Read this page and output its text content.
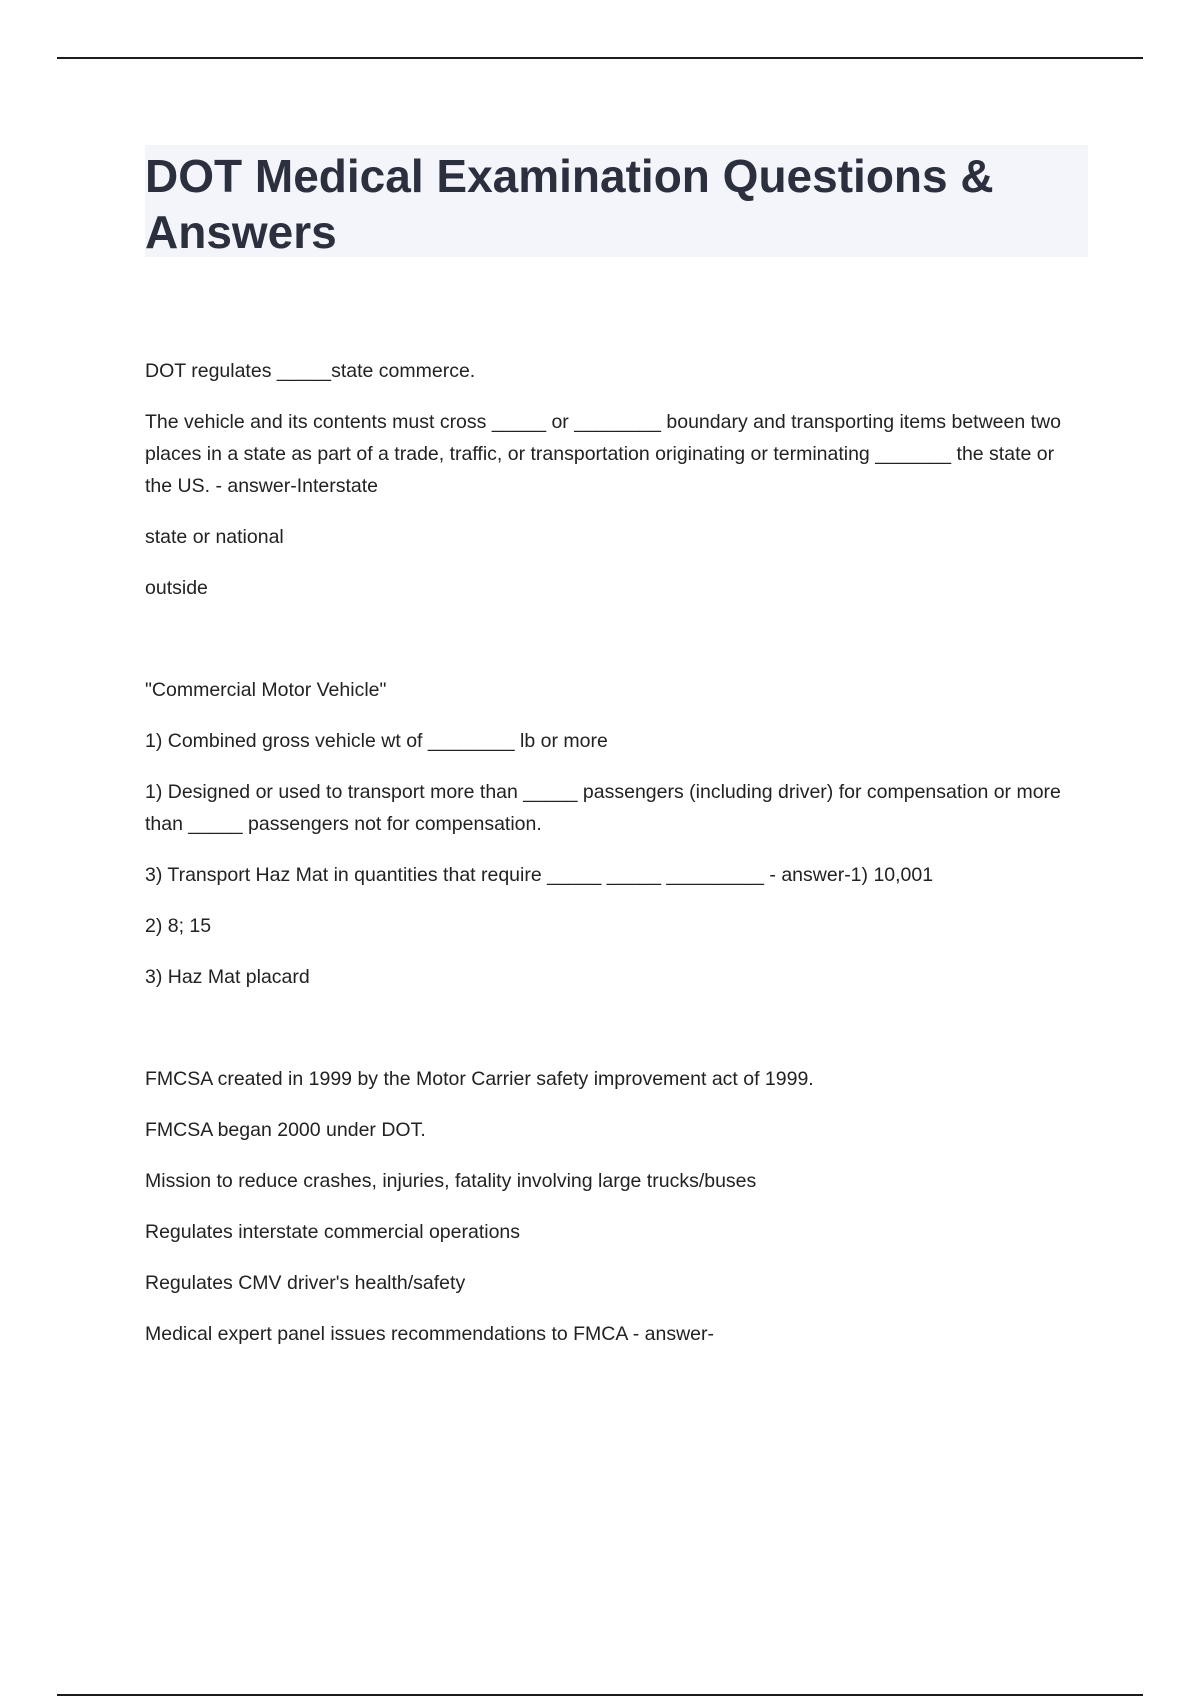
DOT Medical Examination Questions & Answers

DOT regulates _____state commerce.

The vehicle and its contents must cross _____ or ________ boundary and transporting items between two places in a state as part of a trade, traffic, or transportation originating or terminating _______ the state or the US. - answer-Interstate

state or national

outside

"Commercial Motor Vehicle"

1) Combined gross vehicle wt of ________ lb or more

1) Designed or used to transport more than _____ passengers (including driver) for compensation or more than _____ passengers not for compensation.

3) Transport Haz Mat in quantities that require _____ _____ _________ - answer-1) 10,001

2) 8; 15

3) Haz Mat placard

FMCSA created in 1999 by the Motor Carrier safety improvement act of 1999.

FMCSA began 2000 under DOT.

Mission to reduce crashes, injuries, fatality involving large trucks/buses

Regulates interstate commercial operations

Regulates CMV driver's health/safety

Medical expert panel issues recommendations to FMCA - answer-
